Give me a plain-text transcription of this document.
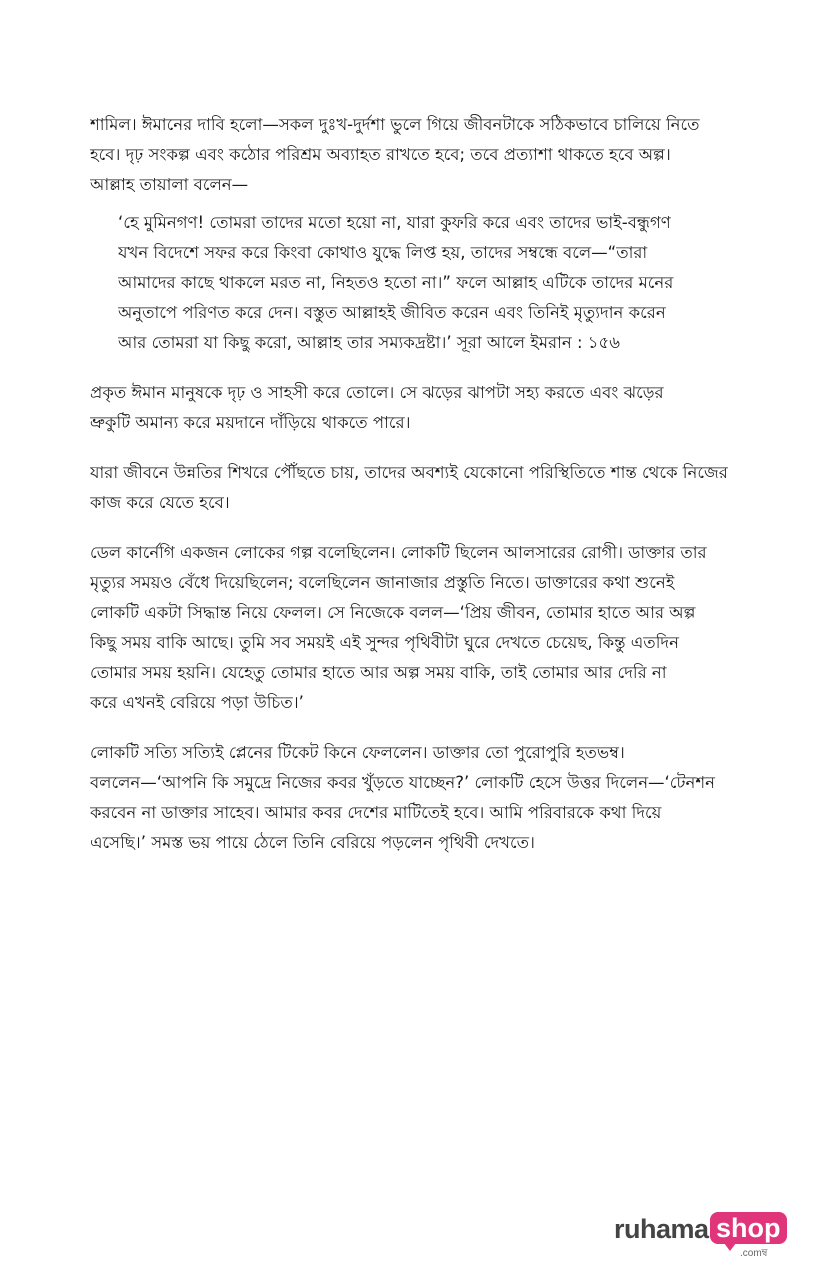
শামিল। ঈমানের দাবি হলো—সকল দুঃখ-দুর্দশা ভুলে গিয়ে জীবনটাকে সঠিকভাবে চালিয়ে নিতে
হবে। দৃঢ় সংকল্প এবং কঠোর পরিশ্রম অব্যাহত রাখতে হবে; তবে প্রত্যাশা থাকতে হবে অল্প।
আল্লাহ তায়ালা বলেন—

‘হে মুমিনগণ! তোমরা তাদের মতো হয়ো না, যারা কুফরি করে এবং তাদের ভাই-বন্ধুগণ
যখন বিদেশে সফর করে কিংবা কোথাও যুদ্ধে লিপ্ত হয়, তাদের সম্বন্ধে বলে—“তারা
আমাদের কাছে থাকলে মরত না, নিহতও হতো না।” ফলে আল্লাহ এটিকে তাদের মনের
অনুতাপে পরিণত করে দেন। বস্তুত আল্লাহই জীবিত করেন এবং তিনিই মৃত্যুদান করেন
আর তোমরা যা কিছু করো, আল্লাহ তার সম্যকদ্রষ্টা।’ সূরা আলে ইমরান : ১৫৬

প্রকৃত ঈমান মানুষকে দৃঢ় ও সাহসী করে তোলে। সে ঝড়ের ঝাপটা সহ্য করতে এবং ঝড়ের
ভ্রুকুটি অমান্য করে ময়দানে দাঁড়িয়ে থাকতে পারে।

যারা জীবনে উন্নতির শিখরে পৌঁছতে চায়, তাদের অবশ্যই যেকোনো পরিস্থিতিতে শান্ত থেকে নিজের
কাজ করে যেতে হবে।

ডেল কার্নেগি একজন লোকের গল্প বলেছিলেন। লোকটি ছিলেন আলসারের রোগী। ডাক্তার তার
মৃত্যুর সময়ও বেঁধে দিয়েছিলেন; বলেছিলেন জানাজার প্রস্তুতি নিতে। ডাক্তারের কথা শুনেই
লোকটি একটা সিদ্ধান্ত নিয়ে ফেলল। সে নিজেকে বলল—‘প্রিয় জীবন, তোমার হাতে আর অল্প
কিছু সময় বাকি আছে। তুমি সব সময়ই এই সুন্দর পৃথিবীটা ঘুরে দেখতে চেয়েছ, কিন্তু এতদিন
তোমার সময় হয়নি। যেহেতু তোমার হাতে আর অল্প সময় বাকি, তাই তোমার আর দেরি না
করে এখনই বেরিয়ে পড়া উচিত।’

লোকটি সত্যি সত্যিই প্লেনের টিকেট কিনে ফেললেন। ডাক্তার তো পুরোপুরি হতভম্ব।
বললেন—‘আপনি কি সমুদ্রে নিজের কবর খুঁড়তে যাচ্ছেন?’ লোকটি হেসে উত্তর দিলেন—‘টেনশন
করবেন না ডাক্তার সাহেব। আমার কবর দেশের মাটিতেই হবে। আমি পরিবারকে কথা দিয়ে
এসেছি।’ সমস্ত ভয় পায়ে ঠেলে তিনি বেরিয়ে পড়লেন পৃথিবী দেখতে।

ruhama shop
.comম্ব
